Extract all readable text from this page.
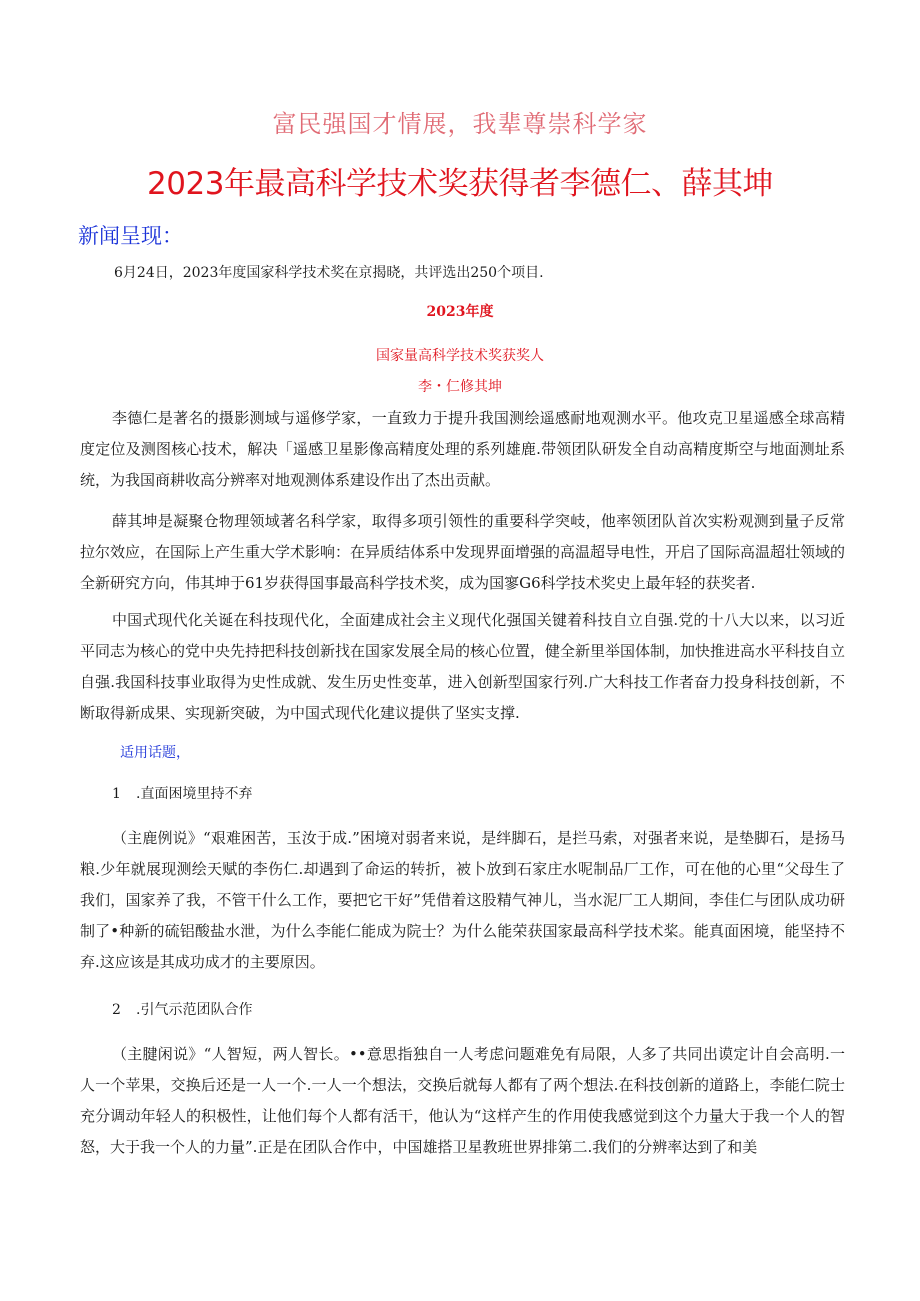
富民强国才情展，我辈尊崇科学家
2023年最高科学技术奖获得者李德仁、薛其坤
新闻呈现：
6月24日，2023年度国家科学技术奖在京揭晓，共评选出250个项目.
2023年度
国家量高科学技术奖获奖人
李・仁修其坤
李德仁是著名的摄影测域与遥修学家，一直致力于提升我国测绘遥感耐地观测水平。他攻克卫星遥感全球高精度定位及测图核心技术，解决「遥感卫星影像高精度处理的系列雄鹿.带领团队研发全自动高精度斯空与地面测址系统，为我国商耕收高分辨率对地观测体系建设作出了杰出贡献。
薛其坤是凝聚仓物理领域著名科学家，取得多项引领性的重要科学突岐，他率领团队首次实粉观测到量子反常拉尔效应，在国际上产生重大学术影响：在异质结体系中发现界面增强的高温超导电性，开启了国际高温超壮领域的全新研究方向，伟其坤于61岁获得国事最高科学技术奖，成为国寥G6科学技术奖史上最年轻的获奖者.
中国式现代化关诞在科技现代化，全面建成社会主义现代化强国关键着科技自立自强.党的十八大以来，以习近平同志为核心的党中央先持把科技创新找在国家发展全局的核心位置，健全新里举国体制，加快推进高水平科技自立自强.我国科技事业取得为史性成就、发生历史性变革，进入创新型国家行列.广大科技工作者奋力投身科技创新，不断取得新成果、实现新突破，为中国式现代化建议提供了坚实支撑.
适用话题，
1 .直面困境里持不弃
（主鹿例说》“艰难困苦，玉汝于成.”困境对弱者来说，是绊脚石，是拦马索，对强者来说，是垫脚石，是扬马粮.少年就展现测绘天赋的李伤仁.却遇到了命运的转折，被卜放到石家庄水呢制品厂工作，可在他的心里“父母生了我们，国家养了我，不管干什么工作，要把它干好”凭借着这股精气神儿，当水泥厂工人期间，李佳仁与团队成功研制了•种新的硫铝酸盐水泄，为什么李能仁能成为院士？为什么能荣获国家最高科学技术桨。能真面困境，能坚持不弃.这应该是其成功成才的主要原因。
2 .引气示范团队合作
（主腱闲说》“人智短，两人智长。••意思指独自一人考虑问题难免有局限，人多了共同出谟定计自会高明.一人一个苹果，交换后还是一人一个.一人一个想法，交换后就每人都有了两个想法.在科技创新的道路上，李能仁院士充分调动年轻人的积极性，让他们每个人都有活干，他认为“这样产生的作用使我感觉到这个力量大于我一个人的智怒，大于我一个人的力量”.正是在团队合作中，中国雄搭卫星教班世界排第二.我们的分辨率达到了和美
